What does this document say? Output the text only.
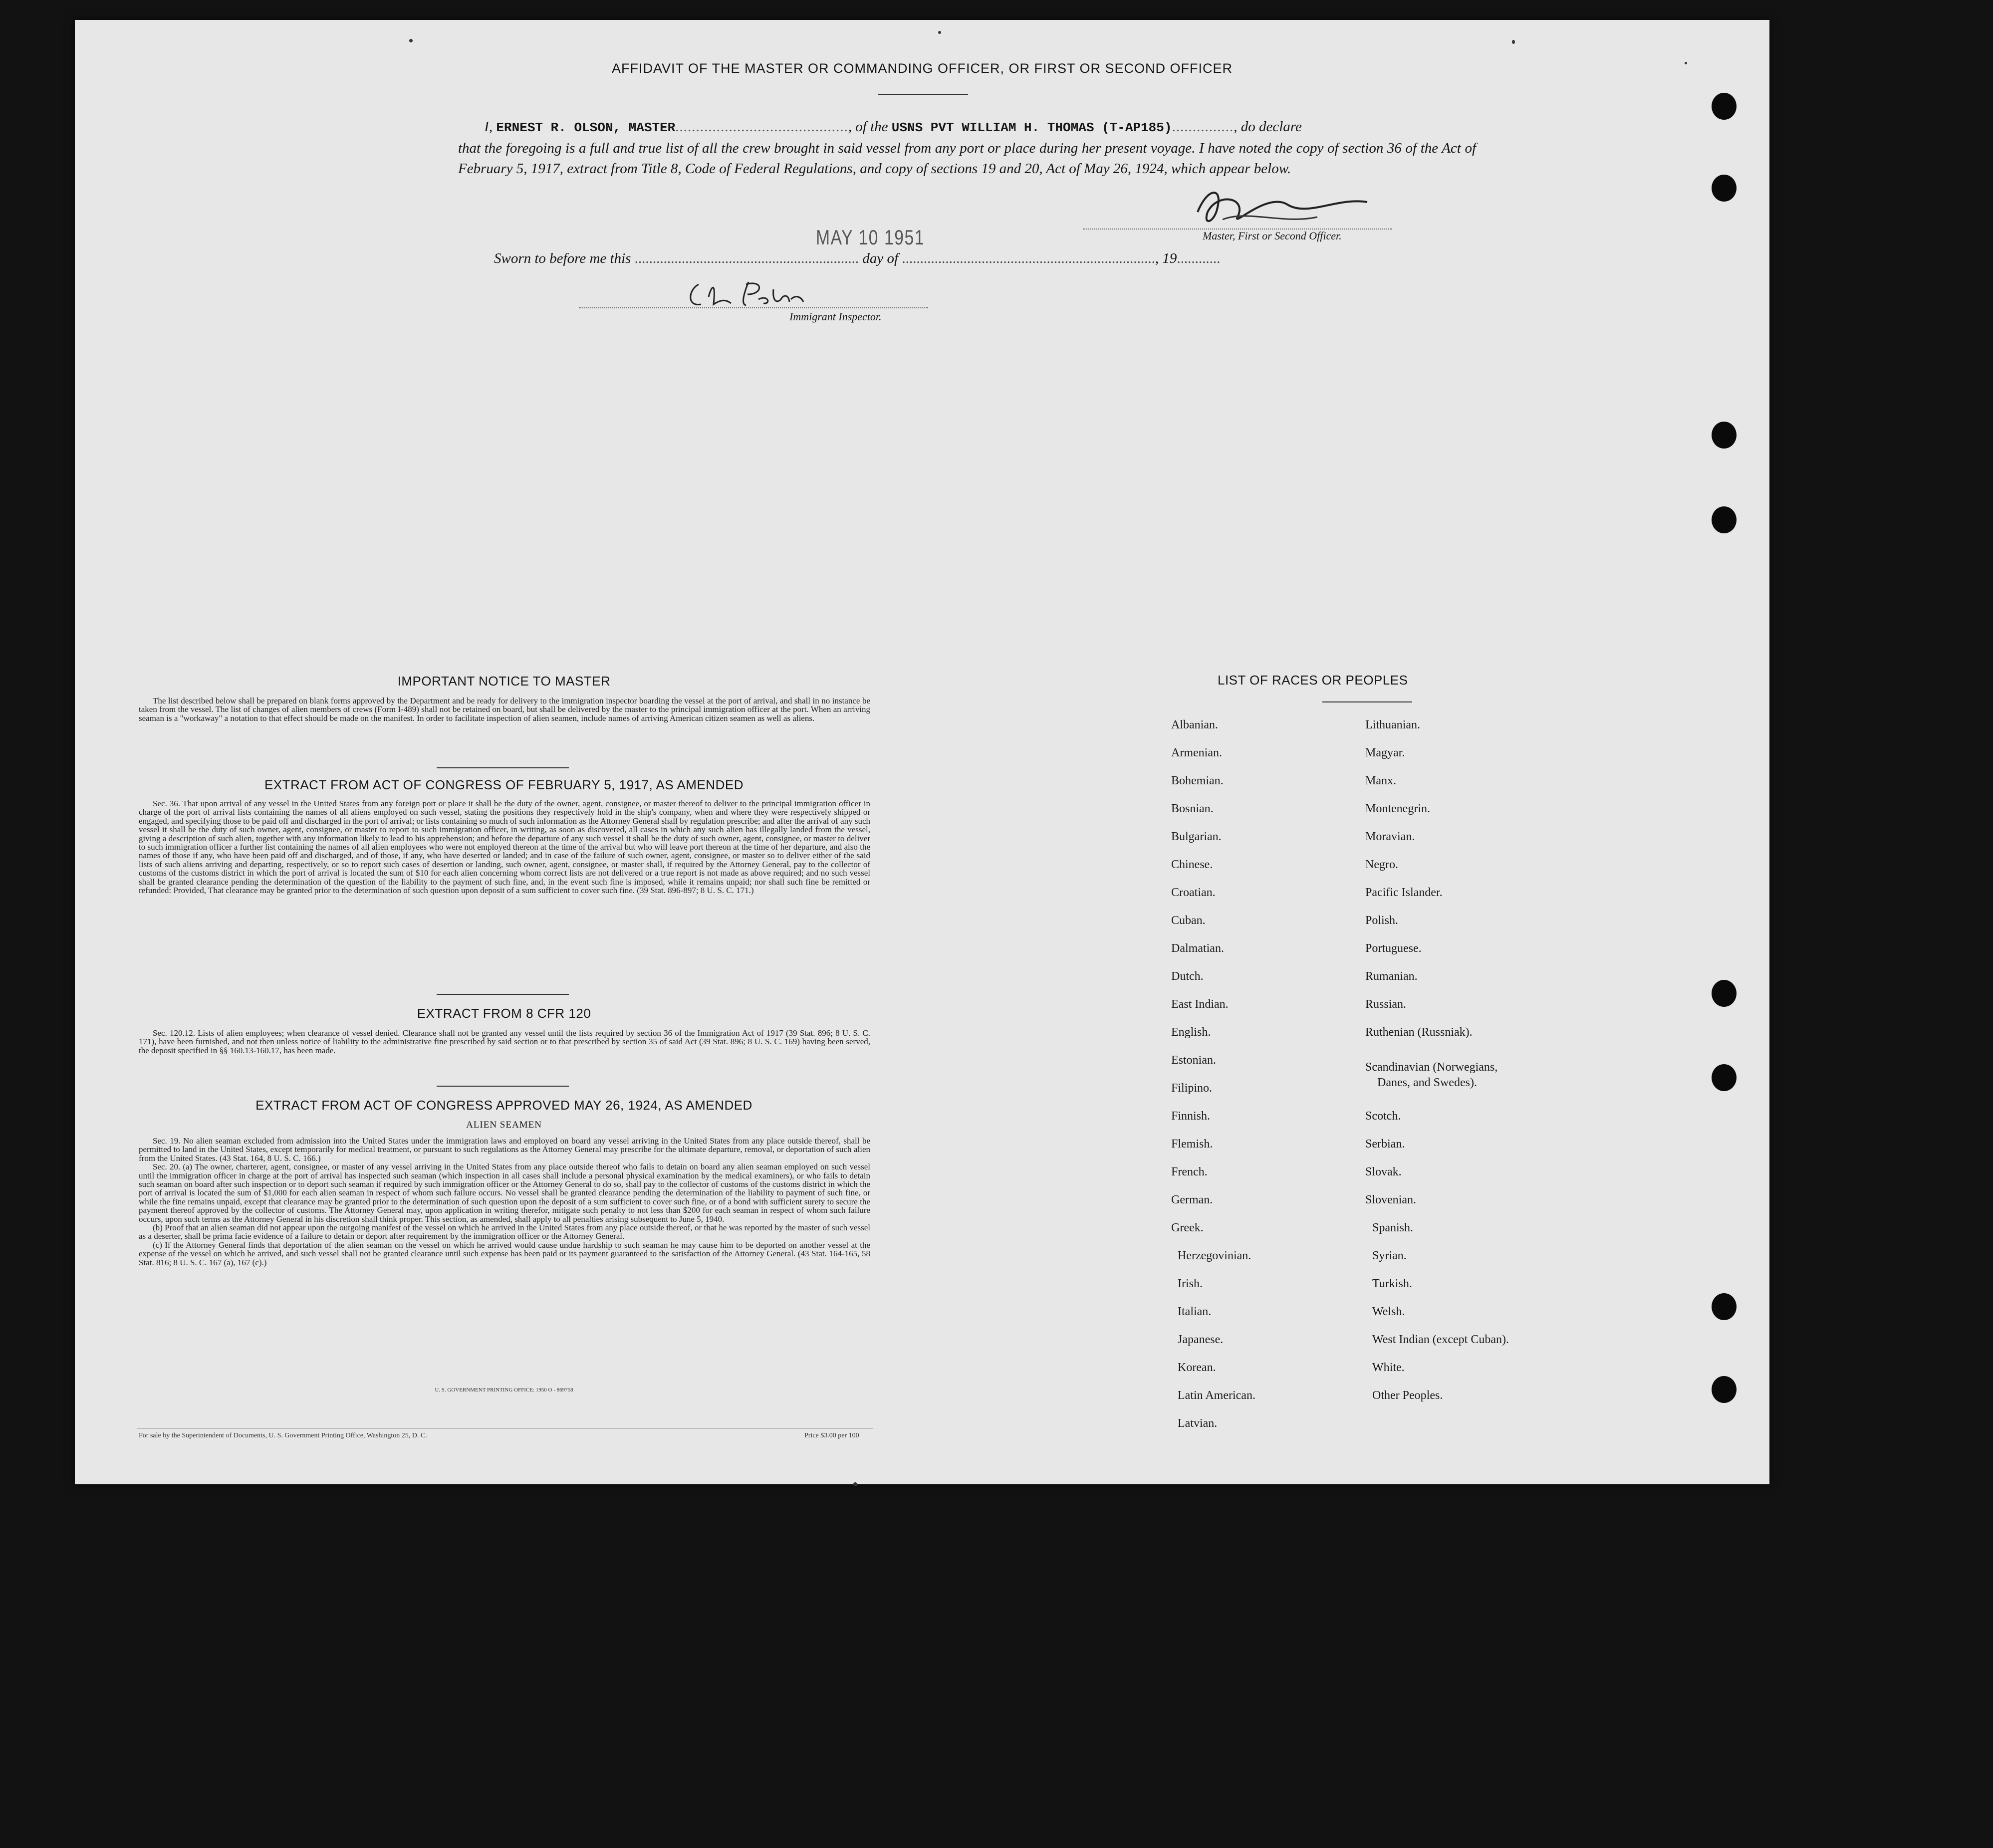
AFFIDAVIT OF THE MASTER OR COMMANDING OFFICER, OR FIRST OR SECOND OFFICER
I, ERNEST R. OLSON, MASTER.........................................., of the USNS PVT WILLIAM H. THOMAS (T-AP185)..............., do declare
that the foregoing is a full and true list of all the crew brought in said vessel from any port or place during her present voyage. I have noted the copy of section 36 of the Act of February 5, 1917, extract from Title 8, Code of Federal Regulations, and copy of sections 19 and 20, Act of May 26, 1924, which appear below.
Master, First or Second Officer.
MAY 10 1951
Sworn to before me this .............................................................. day of ......................................................................, 19............
Immigrant Inspector.
IMPORTANT NOTICE TO MASTER

The list described below shall be prepared on blank forms approved by the Department and be ready for delivery to the immigration inspector boarding the vessel at the port of arrival, and shall in no instance be taken from the vessel. The list of changes of alien members of crews (Form I-489) shall not be retained on board, but shall be delivered by the master to the principal immigration officer at the port. When an arriving seaman is a "workaway" a notation to that effect should be made on the manifest. In order to facilitate inspection of alien seamen, include names of arriving American citizen seamen as well as aliens.

EXTRACT FROM ACT OF CONGRESS OF FEBRUARY 5, 1917, AS AMENDED

Sec. 36. That upon arrival of any vessel in the United States from any foreign port or place it shall be the duty of the owner, agent, consignee, or master thereof to deliver to the principal immigration officer in charge of the port of arrival lists containing the names of all aliens employed on such vessel, stating the positions they respectively hold in the ship's company, when and where they were respectively shipped or engaged, and specifying those to be paid off and discharged in the port of arrival; or lists containing so much of such information as the Attorney General shall by regulation prescribe; and after the arrival of any such vessel it shall be the duty of such owner, agent, consignee, or master to report to such immigration officer, in writing, as soon as discovered, all cases in which any such alien has illegally landed from the vessel, giving a description of such alien, together with any information likely to lead to his apprehension; and before the departure of any such vessel it shall be the duty of such owner, agent, consignee, or master to deliver to such immigration officer a further list containing the names of all alien employees who were not employed thereon at the time of the arrival but who will leave port thereon at the time of her departure, and also the names of those if any, who have been paid off and discharged, and of those, if any, who have deserted or landed; and in case of the failure of such owner, agent, consignee, or master so to deliver either of the said lists of such aliens arriving and departing, respectively, or so to report such cases of desertion or landing, such owner, agent, consignee, or master shall, if required by the Attorney General, pay to the collector of customs of the customs district in which the port of arrival is located the sum of $10 for each alien concerning whom correct lists are not delivered or a true report is not made as above required; and no such vessel shall be granted clearance pending the determination of the question of the liability to the payment of such fine, and, in the event such fine is imposed, while it remains unpaid; nor shall such fine be remitted or refunded: Provided, That clearance may be granted prior to the determination of such question upon deposit of a sum sufficient to cover such fine. (39 Stat. 896-897; 8 U. S. C. 171.)

EXTRACT FROM 8 CFR 120

Sec. 120.12. Lists of alien employees; when clearance of vessel denied. Clearance shall not be granted any vessel until the lists required by section 36 of the Immigration Act of 1917 (39 Stat. 896; 8 U. S. C. 171), have been furnished, and not then unless notice of liability to the administrative fine prescribed by said section or to that prescribed by section 35 of said Act (39 Stat. 896; 8 U. S. C. 169) having been served, the deposit specified in §§ 160.13-160.17, has been made.

EXTRACT FROM ACT OF CONGRESS APPROVED MAY 26, 1924, AS AMENDED
ALIEN SEAMEN

Sec. 19. No alien seaman excluded from admission into the United States under the immigration laws and employed on board any vessel arriving in the United States from any place outside thereof, shall be permitted to land in the United States, except temporarily for medical treatment, or pursuant to such regulations as the Attorney General may prescribe for the ultimate departure, removal, or deportation of such alien from the United States. (43 Stat. 164, 8 U. S. C. 166.)

Sec. 20. (a) The owner, charterer, agent, consignee, or master of any vessel arriving in the United States from any place outside thereof who fails to detain on board any alien seaman employed on such vessel until the immigration officer in charge at the port of arrival has inspected such seaman (which inspection in all cases shall include a personal physical examination by the medical examiners), or who fails to detain such seaman on board after such inspection or to deport such seaman if required by such immigration officer or the Attorney General to do so, shall pay to the collector of customs of the customs district in which the port of arrival is located the sum of $1,000 for each alien seaman in respect of whom such failure occurs. No vessel shall be granted clearance pending the determination of the liability to payment of such fine, or while the fine remains unpaid, except that clearance may be granted prior to the determination of such question upon the deposit of a sum sufficient to cover such fine, or of a bond with sufficient surety to secure the payment thereof approved by the collector of customs. The Attorney General may, upon application in writing therefor, mitigate such penalty to not less than $200 for each seaman in respect of whom such failure occurs, upon such terms as the Attorney General in his discretion shall think proper. This section, as amended, shall apply to all penalties arising subsequent to June 5, 1940.

(b) Proof that an alien seaman did not appear upon the outgoing manifest of the vessel on which he arrived in the United States from any place outside thereof, or that he was reported by the master of such vessel as a deserter, shall be prima facie evidence of a failure to detain or deport after requirement by the immigration officer or the Attorney General.

(c) If the Attorney General finds that deportation of the alien seaman on the vessel on which he arrived would cause undue hardship to such seaman he may cause him to be deported on another vessel at the expense of the vessel on which he arrived, and such vessel shall not be granted clearance until such expense has been paid or its payment guaranteed to the satisfaction of the Attorney General. (43 Stat. 164-165, 58 Stat. 816; 8 U. S. C. 167 (a), 167 (c).)

U. S. GOVERNMENT PRINTING OFFICE: 1950 O - 869758
For sale by the Superintendent of Documents, U. S. Government Printing Office, Washington 25, D. C.	Price $3.00 per 100
LIST OF RACES OR PEOPLES
Albanian.
Armenian.
Bohemian.
Bosnian.
Bulgarian.
Chinese.
Croatian.
Cuban.
Dalmatian.
Dutch.
East Indian.
English.
Estonian.
Filipino.
Finnish.
Flemish.
French.
German.
Greek.
Herzegovinian.
Irish.
Italian.
Japanese.
Korean.
Latin American.
Latvian.
Lithuanian.
Magyar.
Manx.
Montenegrin.
Moravian.
Negro.
Pacific Islander.
Polish.
Portuguese.
Rumanian.
Russian.
Ruthenian (Russniak).
Scandinavian (Norwegians,
Danes, and Swedes).
Scotch.
Serbian.
Slovak.
Slovenian.
Spanish.
Syrian.
Turkish.
Welsh.
West Indian (except Cuban).
White.
Other Peoples.
